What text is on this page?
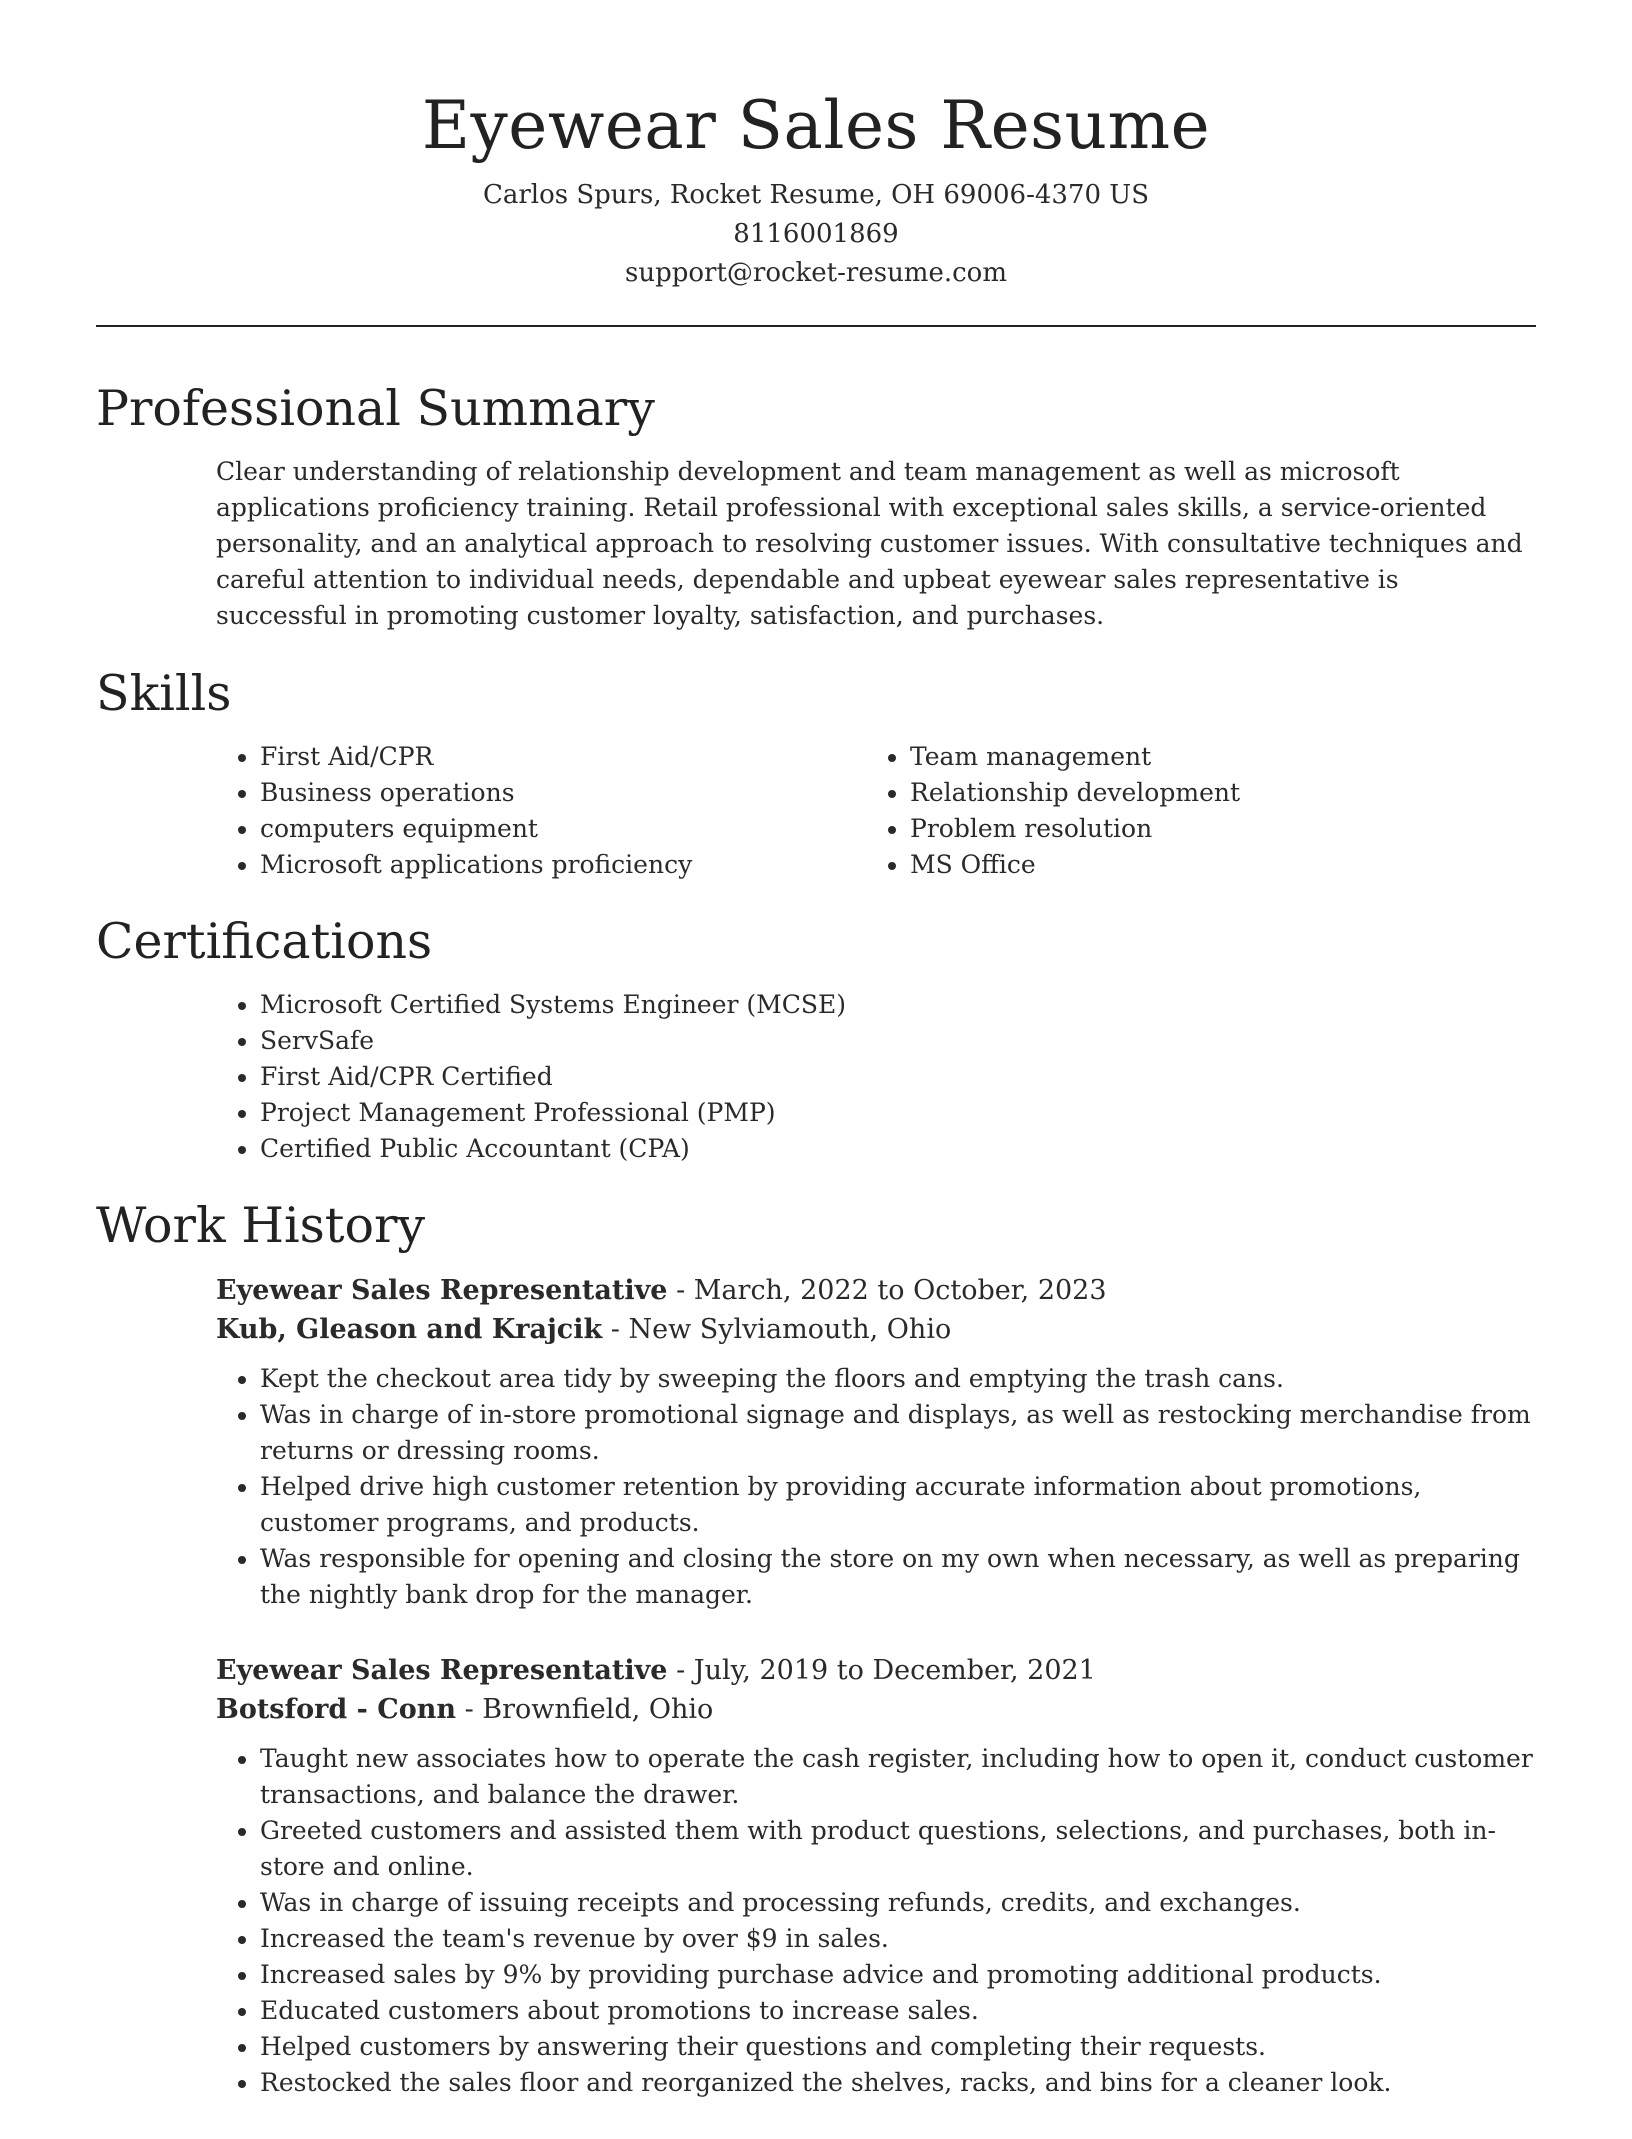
Eyewear Sales Resume

Carlos Spurs, Rocket Resume, OH 69006-4370 US

8116001869

support@rocket-resume.com

Professional Summary

Clear understanding of relationship development and team management as well as microsoft applications proficiency training. Retail professional with exceptional sales skills, a service-oriented personality, and an analytical approach to resolving customer issues. With consultative techniques and careful attention to individual needs, dependable and upbeat eyewear sales representative is successful in promoting customer loyalty, satisfaction, and purchases.

Skills
• First Aid/CPR
• Business operations
• computers equipment
• Microsoft applications proficiency
• Team management
• Relationship development
• Problem resolution
• MS Office
Certifications
• Microsoft Certified Systems Engineer (MCSE)
• ServSafe
• First Aid/CPR Certified
• Project Management Professional (PMP)
• Certified Public Accountant (CPA)
Work History

Eyewear Sales Representative - March, 2022 to October, 2023

Kub, Gleason and Krajcik - New Sylviamouth, Ohio

• Kept the checkout area tidy by sweeping the floors and emptying the trash cans.
• Was in charge of in-store promotional signage and displays, as well as restocking merchandise from returns or dressing rooms.
• Helped drive high customer retention by providing accurate information about promotions, customer programs, and products.
• Was responsible for opening and closing the store on my own when necessary, as well as preparing the nightly bank drop for the manager.

Eyewear Sales Representative - July, 2019 to December, 2021

Botsford - Conn - Brownfield, Ohio

• Taught new associates how to operate the cash register, including how to open it, conduct customer transactions, and balance the drawer.
• Greeted customers and assisted them with product questions, selections, and purchases, both in-store and online.
• Was in charge of issuing receipts and processing refunds, credits, and exchanges.
• Increased the team's revenue by over $9 in sales.
• Increased sales by 9% by providing purchase advice and promoting additional products.
• Educated customers about promotions to increase sales.
• Helped customers by answering their questions and completing their requests.
• Restocked the sales floor and reorganized the shelves, racks, and bins for a cleaner look.
